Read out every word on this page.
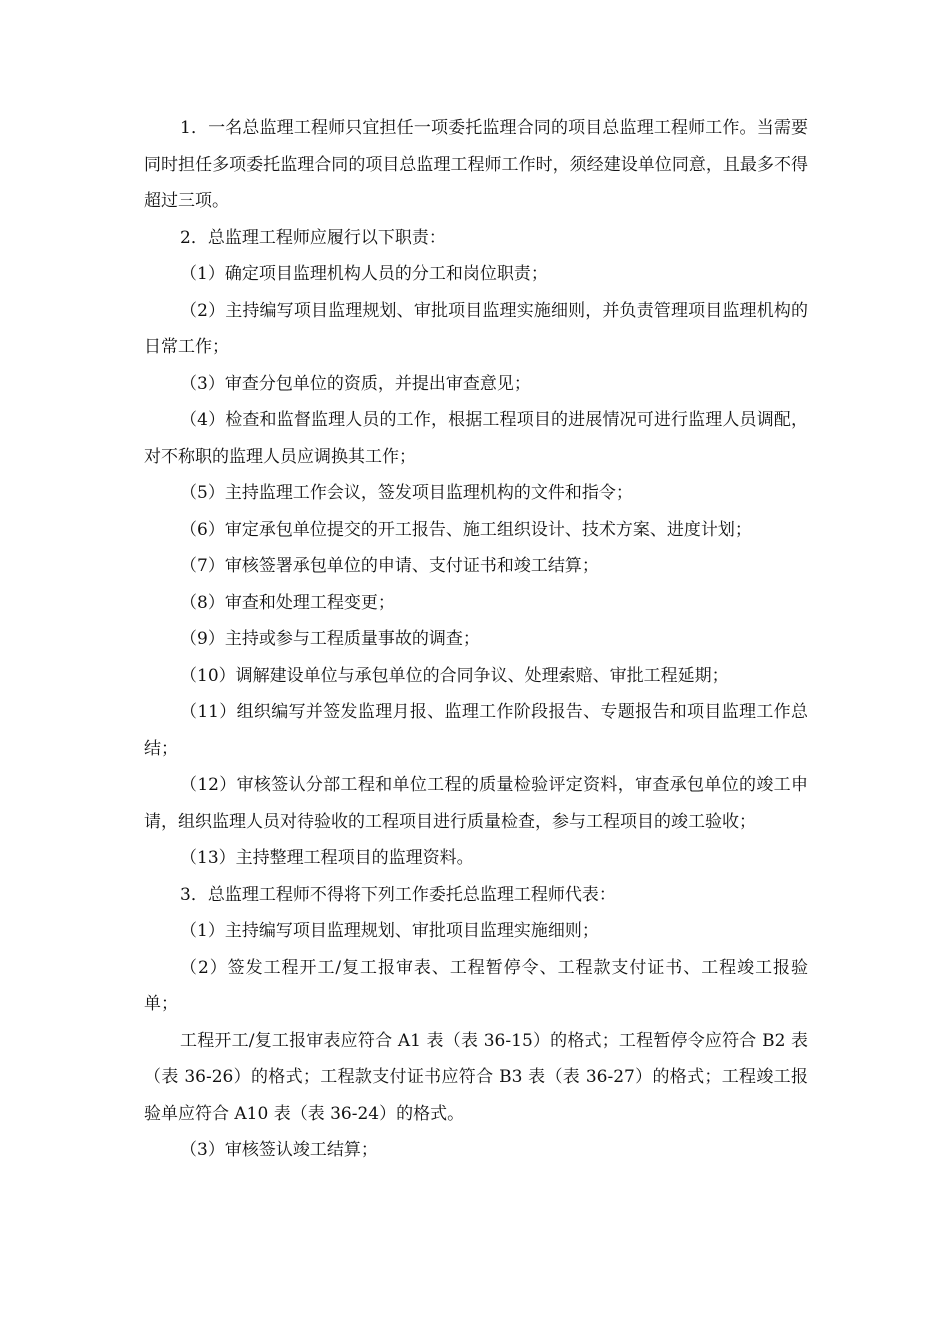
1．一名总监理工程师只宜担任一项委托监理合同的项目总监理工程师工作。当需要同时担任多项委托监理合同的项目总监理工程师工作时，须经建设单位同意，且最多不得超过三项。

2．总监理工程师应履行以下职责：

（1）确定项目监理机构人员的分工和岗位职责；

（2）主持编写项目监理规划、审批项目监理实施细则，并负责管理项目监理机构的日常工作；

（3）审查分包单位的资质，并提出审查意见；

（4）检查和监督监理人员的工作，根据工程项目的进展情况可进行监理人员调配，对不称职的监理人员应调换其工作；

（5）主持监理工作会议，签发项目监理机构的文件和指令；

（6）审定承包单位提交的开工报告、施工组织设计、技术方案、进度计划；

（7）审核签署承包单位的申请、支付证书和竣工结算；

（8）审查和处理工程变更；

（9）主持或参与工程质量事故的调查；

（10）调解建设单位与承包单位的合同争议、处理索赔、审批工程延期；

（11）组织编写并签发监理月报、监理工作阶段报告、专题报告和项目监理工作总结；

（12）审核签认分部工程和单位工程的质量检验评定资料，审查承包单位的竣工申请，组织监理人员对待验收的工程项目进行质量检查，参与工程项目的竣工验收；

（13）主持整理工程项目的监理资料。

3．总监理工程师不得将下列工作委托总监理工程师代表：

（1）主持编写项目监理规划、审批项目监理实施细则；

（2）签发工程开工/复工报审表、工程暂停令、工程款支付证书、工程竣工报验单；

工程开工/复工报审表应符合 A1 表（表 36-15）的格式；工程暂停令应符合 B2 表（表 36-26）的格式；工程款支付证书应符合 B3 表（表 36-27）的格式；工程竣工报验单应符合 A10 表（表 36-24）的格式。

（3）审核签认竣工结算；
